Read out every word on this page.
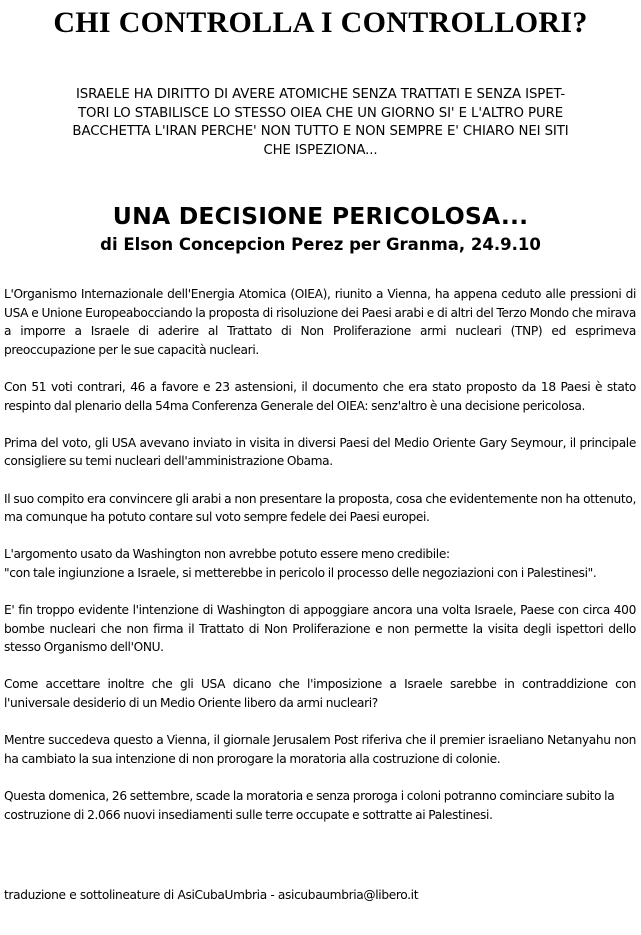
CHI CONTROLLA I CONTROLLORI?
ISRAELE HA DIRITTO DI AVERE ATOMICHE SENZA TRATTATI E SENZA ISPET-
TORI LO STABILISCE LO STESSO OIEA CHE UN GIORNO SI' E L'ALTRO PURE
BACCHETTA L'IRAN PERCHE' NON TUTTO E NON SEMPRE E' CHIARO NEI SITI
CHE ISPEZIONA...
UNA DECISIONE PERICOLOSA...
di Elson Concepcion Perez per Granma, 24.9.10

L'Organismo Internazionale dell'Energia Atomica (OIEA), riunito a Vienna, ha appena ceduto alle pressioni di USA e Unione Europeabocciando la proposta di risoluzione dei Paesi arabi e di altri del Terzo Mondo che mirava a imporre a Israele di aderire al Trattato di Non Proliferazione armi nucleari (TNP) ed esprimeva preoccupazione per le sue capacità nucleari.

Con 51 voti contrari, 46 a favore e 23 astensioni, il documento che era stato proposto da 18 Paesi è stato respinto dal plenario della 54ma Conferenza Generale del OIEA: senz'altro è una decisione pericolosa.

Prima del voto, gli USA avevano inviato in visita in diversi Paesi del Medio Oriente Gary Seymour, il principale consigliere su temi nucleari dell'amministrazione Obama.

Il suo compito era convincere gli arabi a non presentare la proposta, cosa che evidentemente non ha ottenuto, ma comunque ha potuto contare sul voto sempre fedele dei Paesi europei.

L'argomento usato da Washington non avrebbe potuto essere meno credibile:
"con tale ingiunzione a Israele, si metterebbe in pericolo il processo delle negoziazioni con i Palestinesi".

E' fin troppo evidente l'intenzione di Washington di appoggiare ancora una volta Israele, Paese con circa 400 bombe nucleari che non firma il Trattato di Non Proliferazione e non permette la visita degli ispettori dello stesso Organismo dell'ONU.

Come accettare inoltre che gli USA dicano che l'imposizione a Israele sarebbe in contraddizione con l'universale desiderio di un Medio Oriente libero da armi nucleari?

Mentre succedeva questo a Vienna, il giornale Jerusalem Post riferiva che il premier israeliano Netanyahu non ha cambiato la sua intenzione di non prorogare la moratoria alla costruzione di colonie.

Questa domenica, 26 settembre, scade la moratoria e senza proroga i coloni potranno cominciare subito la costruzione di 2.066 nuovi insediamenti sulle terre occupate e sottratte ai Palestinesi.

traduzione e sottolineature di AsiCubaUmbria - asicubaumbria@libero.it
